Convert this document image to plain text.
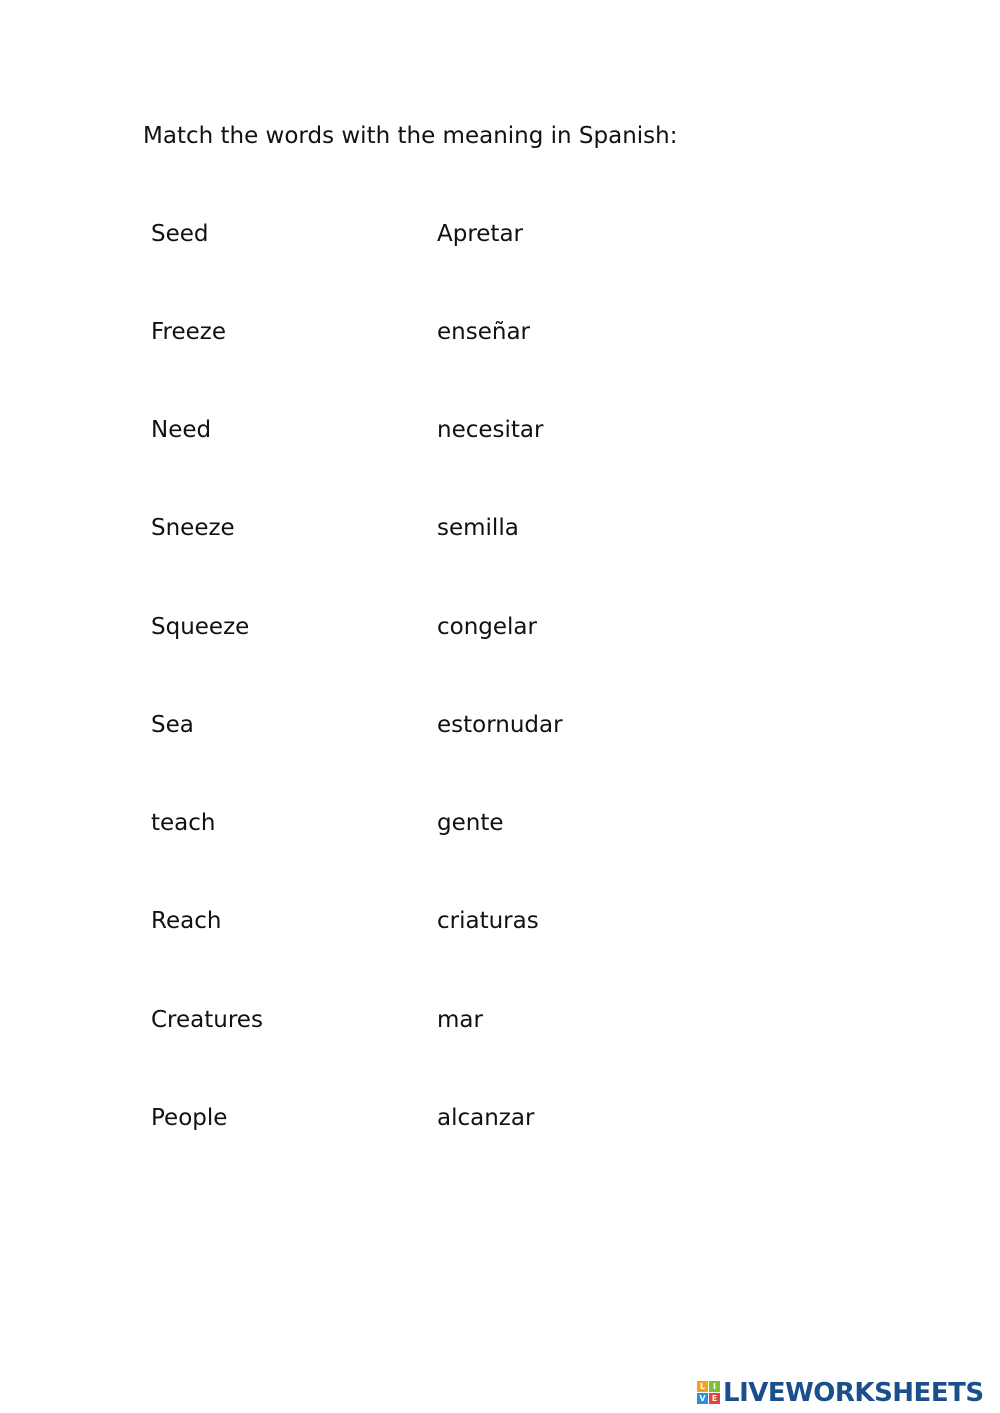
Match the words with the meaning in Spanish:
Seed	Apretar
Freeze	enseñar
Need	necesitar
Sneeze	semilla
Squeeze	congelar
Sea	estornudar
teach	gente
Reach	criaturas
Creatures	mar
People	alcanzar
L I
V E LIVEWORKSHEETS
